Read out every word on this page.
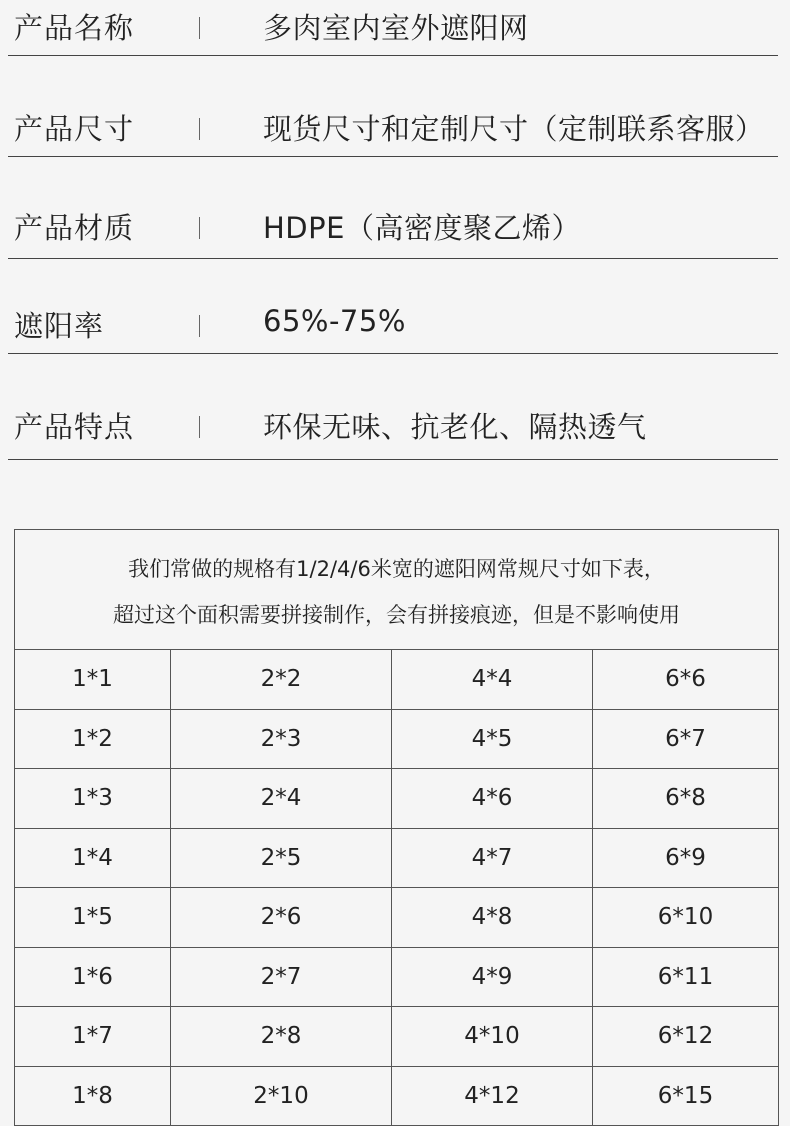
产品名称	多肉室内室外遮阳网
产品尺寸	现货尺寸和定制尺寸（定制联系客服）
产品材质	HDPE（高密度聚乙烯）
遮阳率	65%-75%
产品特点	环保无味、抗老化、隔热透气
我们常做的规格有1/2/4/6米宽的遮阳网常规尺寸如下表，
超过这个面积需要拼接制作，会有拼接痕迹，但是不影响使用			

1*1	2*2	4*4	6*6
1*2	2*3	4*5	6*7
1*3	2*4	4*6	6*8
1*4	2*5	4*7	6*9
1*5	2*6	4*8	6*10
1*6	2*7	4*9	6*11
1*7	2*8	4*10	6*12
1*8	2*10	4*12	6*15
